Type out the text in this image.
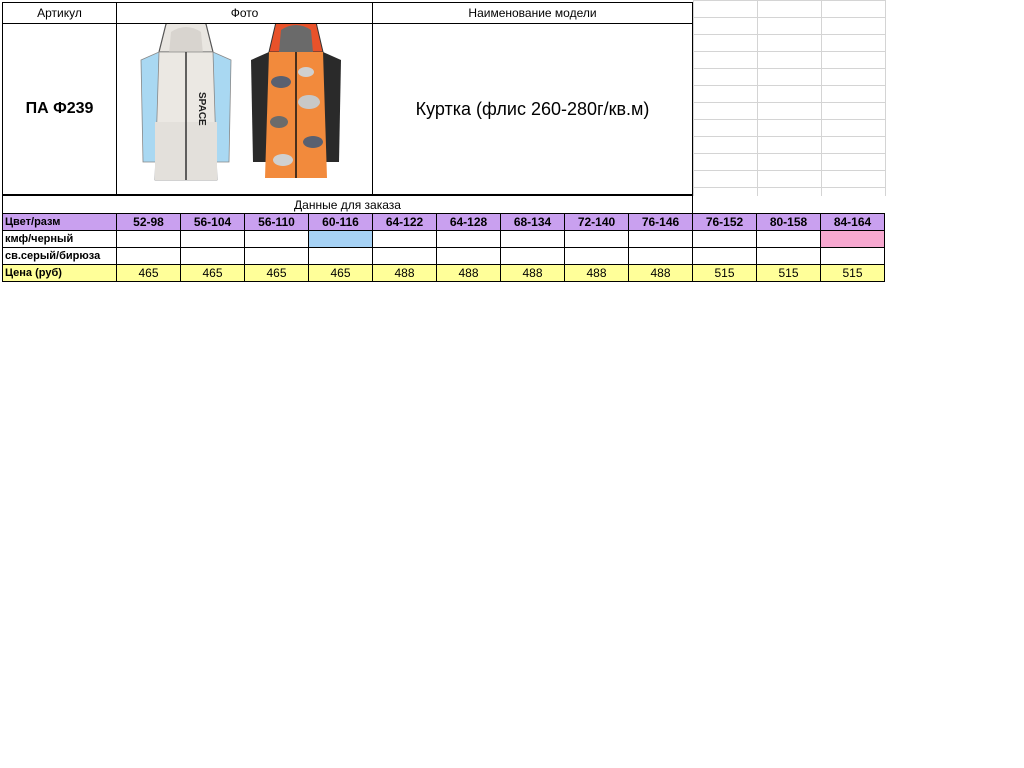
Артикул	Фото				Наименование модели							
ПА Ф239	SPACE				Куртка (флис 260-280г/кв.м)							
Данные для заказа												
Цвет/разм	52-98	56-104	56-110	60-116	64-122	64-128	68-134	72-140	76-146	76-152	80-158	84-164
кмф/черный												
св.серый/бирюза												
Цена (руб)	465	465	465	465	488	488	488	488	488	515	515	515
